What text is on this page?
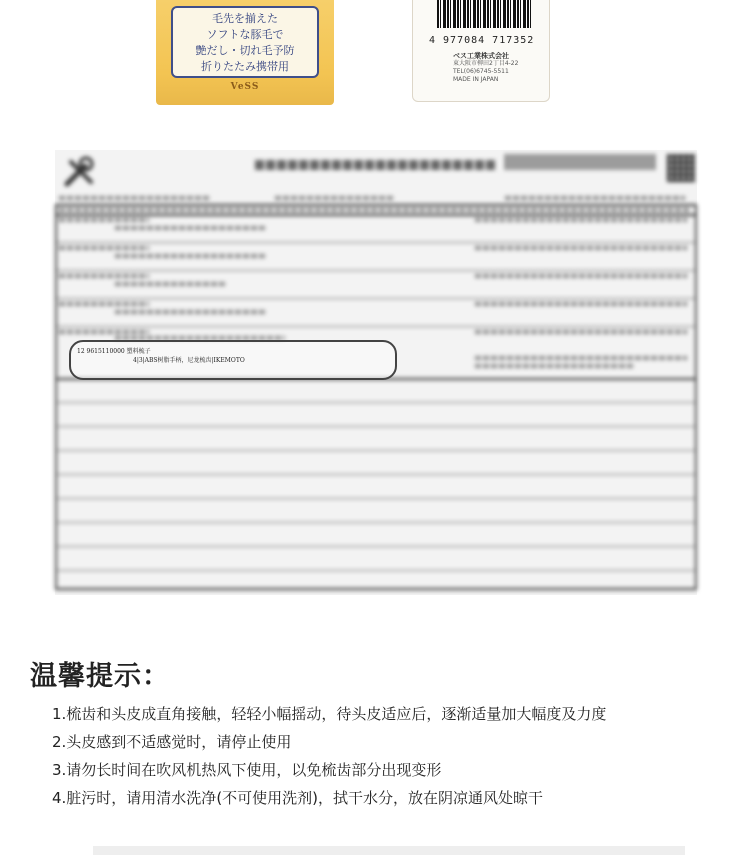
毛先を揃えた
ソフトな豚毛で
艶だし・切れ毛予防
折りたたみ携帯用
VeSS
4 977084 717352
ベス工業株式会社
東大阪市柳田2丁目4-22
TEL(06)6745-5511
MADE IN JAPAN
12 9615110000 塑料梳子
4|3|ABS树脂手柄，尼龙梳齿|IKEMOTO
温馨提示：
1.梳齿和头皮成直角接触，轻轻小幅摇动，待头皮适应后，逐渐适量加大幅度及力度
2.头皮感到不适感觉时，请停止使用
3.请勿长时间在吹风机热风下使用，以免梳齿部分出现变形
4.脏污时，请用清水洗净(不可使用洗剂)，拭干水分，放在阴凉通风处晾干
